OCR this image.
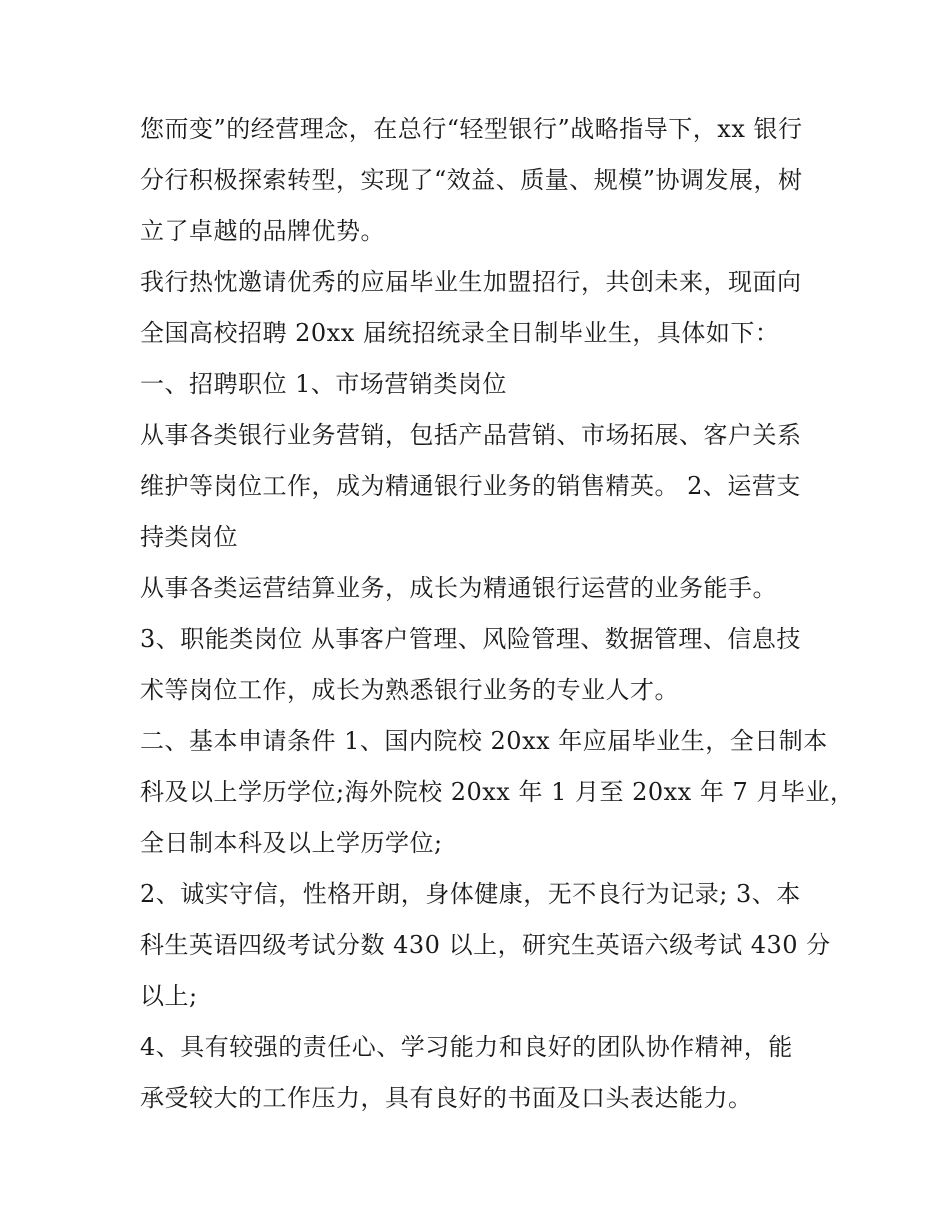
您而变”的经营理念，在总行“轻型银行”战略指导下，xx 银行
分行积极探索转型，实现了“效益、质量、规模”协调发展，树
立了卓越的品牌优势。
我行热忱邀请优秀的应届毕业生加盟招行，共创未来，现面向
全国高校招聘 20xx 届统招统录全日制毕业生，具体如下：
一、招聘职位 1、市场营销类岗位
从事各类银行业务营销，包括产品营销、市场拓展、客户关系
维护等岗位工作，成为精通银行业务的销售精英。 2、运营支
持类岗位
从事各类运营结算业务，成长为精通银行运营的业务能手。
3、职能类岗位 从事客户管理、风险管理、数据管理、信息技
术等岗位工作，成长为熟悉银行业务的专业人才。
二、基本申请条件 1、国内院校 20xx 年应届毕业生，全日制本
科及以上学历学位;海外院校 20xx 年 1 月至 20xx 年 7 月毕业，
全日制本科及以上学历学位;
2、诚实守信，性格开朗，身体健康，无不良行为记录; 3、本
科生英语四级考试分数 430 以上，研究生英语六级考试 430 分
以上;
4、具有较强的责任心、学习能力和良好的团队协作精神，能
承受较大的工作压力，具有良好的书面及口头表达能力。
